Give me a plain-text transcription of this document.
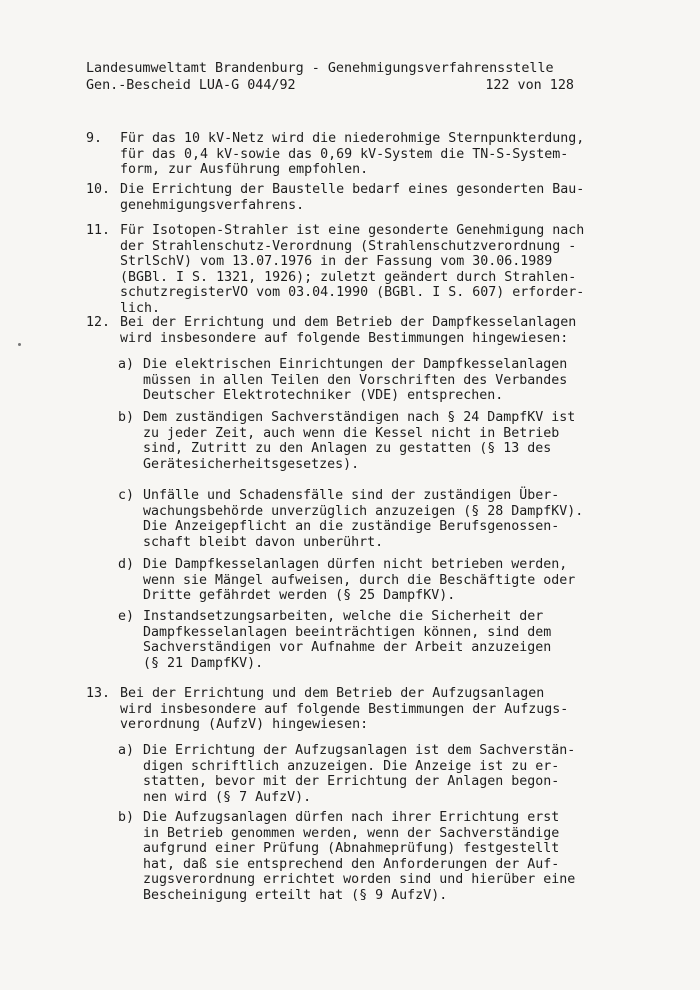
Landesumweltamt Brandenburg - Genehmigungsverfahrensstelle
Gen.-Bescheid LUA-G 044/92	122 von 128
9. Für das 10 kV-Netz wird die niederohmige Sternpunkterdung,
für das 0,4 kV-sowie das 0,69 kV-System die TN-S-System-
form, zur Ausführung empfohlen.
10. Die Errichtung der Baustelle bedarf eines gesonderten Bau-
genehmigungsverfahrens.
11. Für Isotopen-Strahler ist eine gesonderte Genehmigung nach
der Strahlenschutz-Verordnung (Strahlenschutzverordnung -
StrlSchV) vom 13.07.1976 in der Fassung vom 30.06.1989
(BGBl. I S. 1321, 1926); zuletzt geändert durch Strahlen-
schutzregisterVO vom 03.04.1990 (BGBl. I S. 607) erforder-
lich.
12. Bei der Errichtung und dem Betrieb der Dampfkesselanlagen
wird insbesondere auf folgende Bestimmungen hingewiesen:
a) Die elektrischen Einrichtungen der Dampfkesselanlagen
müssen in allen Teilen den Vorschriften des Verbandes
Deutscher Elektrotechniker (VDE) entsprechen.
b) Dem zuständigen Sachverständigen nach § 24 DampfKV ist
zu jeder Zeit, auch wenn die Kessel nicht in Betrieb
sind, Zutritt zu den Anlagen zu gestatten (§ 13 des
Gerätesicherheitsgesetzes).
c) Unfälle und Schadensfälle sind der zuständigen Über-
wachungsbehörde unverzüglich anzuzeigen (§ 28 DampfKV).
Die Anzeigepflicht an die zuständige Berufsgenossen-
schaft bleibt davon unberührt.
d) Die Dampfkesselanlagen dürfen nicht betrieben werden,
wenn sie Mängel aufweisen, durch die Beschäftigte oder
Dritte gefährdet werden (§ 25 DampfKV).
e) Instandsetzungsarbeiten, welche die Sicherheit der
Dampfkesselanlagen beeinträchtigen können, sind dem
Sachverständigen vor Aufnahme der Arbeit anzuzeigen
(§ 21 DampfKV).
13. Bei der Errichtung und dem Betrieb der Aufzugsanlagen
wird insbesondere auf folgende Bestimmungen der Aufzugs-
verordnung (AufzV) hingewiesen:
a) Die Errichtung der Aufzugsanlagen ist dem Sachverstän-
digen schriftlich anzuzeigen. Die Anzeige ist zu er-
statten, bevor mit der Errichtung der Anlagen begon-
nen wird (§ 7 AufzV).
b) Die Aufzugsanlagen dürfen nach ihrer Errichtung erst
in Betrieb genommen werden, wenn der Sachverständige
aufgrund einer Prüfung (Abnahmeprüfung) festgestellt
hat, daß sie entsprechend den Anforderungen der Auf-
zugsverordnung errichtet worden sind und hierüber eine
Bescheinigung erteilt hat (§ 9 AufzV).
